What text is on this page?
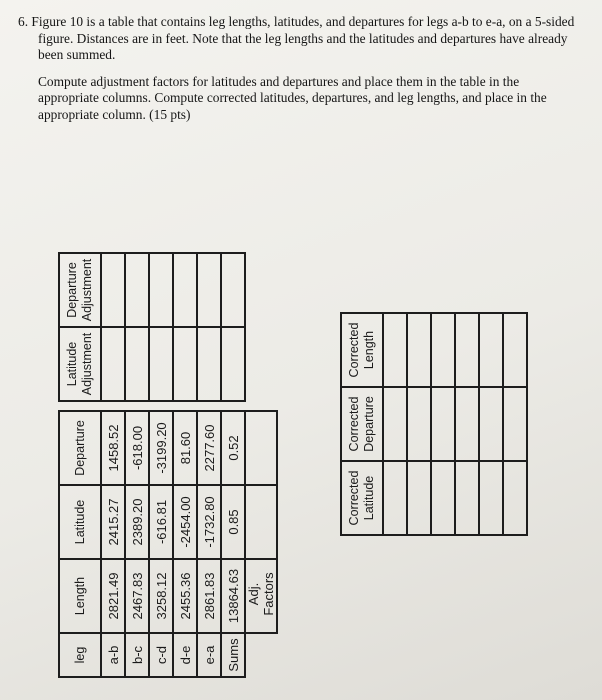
6. Figure 10 is a table that contains leg lengths, latitudes, and departures for legs a-b to e-a, on a 5-sided figure. Distances are in feet. Note that the leg lengths and the latitudes and departures have already been summed.

Compute adjustment factors for latitudes and departures and place them in the table in the appropriate columns. Compute corrected latitudes, departures, and leg lengths, and place in the appropriate column. (15 pts)

leg	Length	Latitude	Departure		Latitude Adjustment	Departure Adjustment
a-b	2821.49	2415.27	1458.52			
b-c	2467.83	2389.20	-618.00			
c-d	3258.12	-616.81	-3199.20			
d-e	2455.36	-2454.00	81.60			
e-a	2861.83	-1732.80	2277.60			
Sums	13864.63	0.85	0.52			
	Adj. Factors					

	Corrected Latitude	Corrected Departure	Corrected Length
